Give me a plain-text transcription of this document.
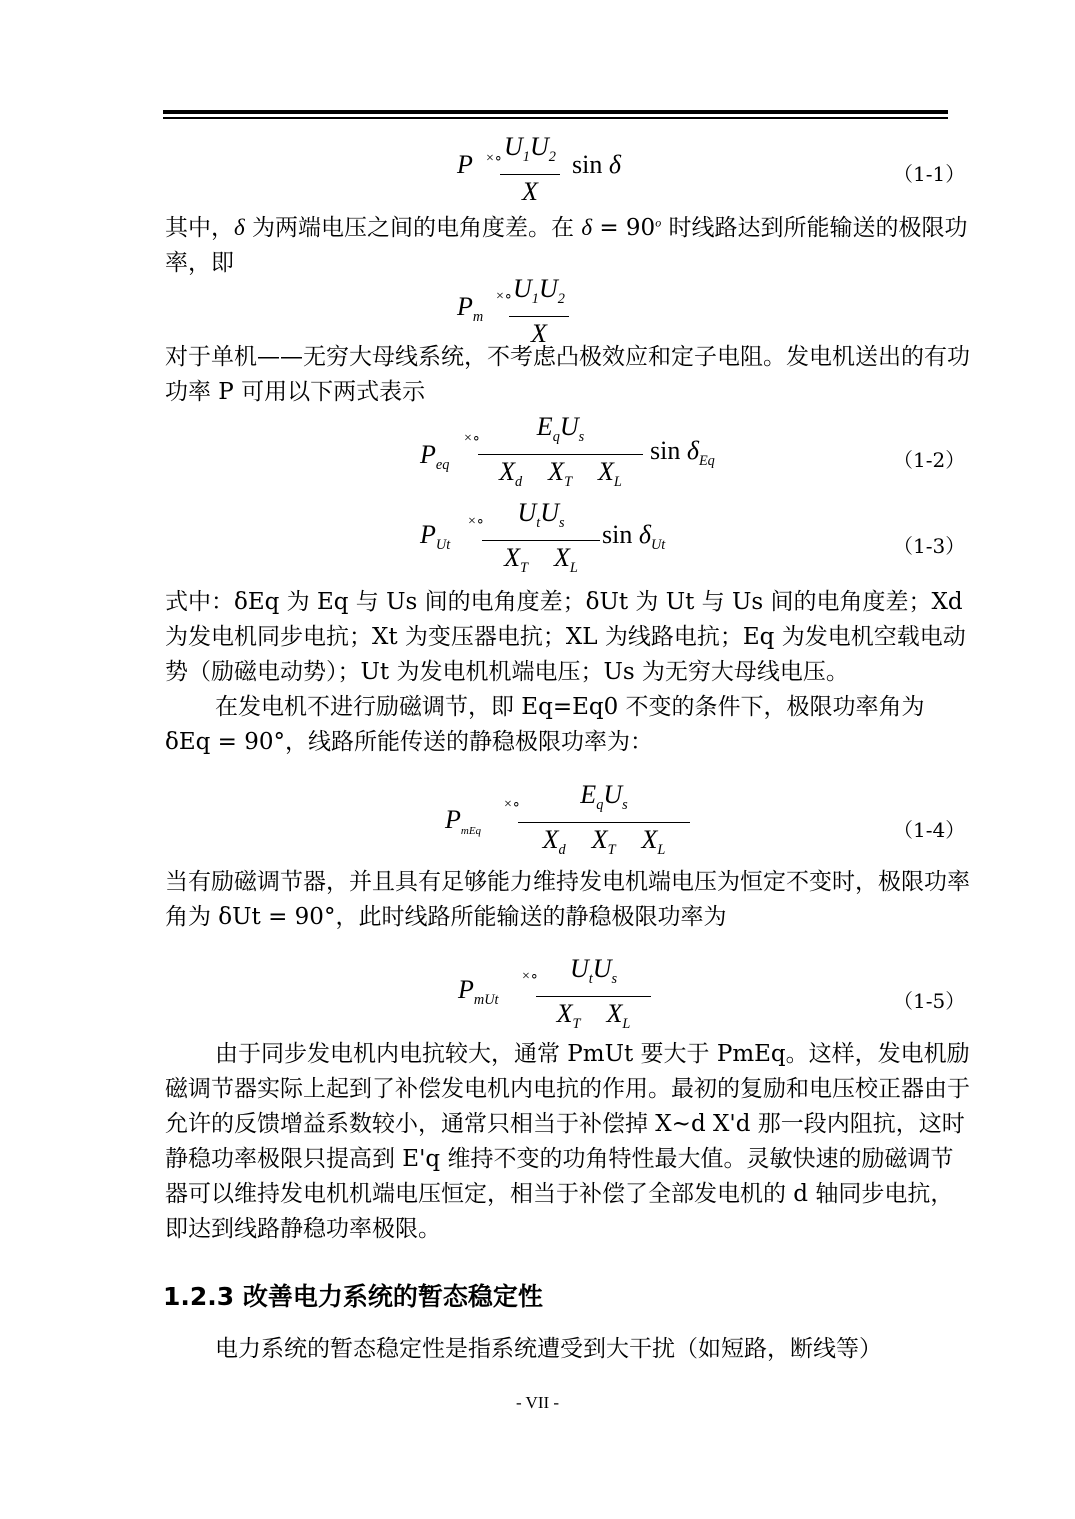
P ×∘ $U_1U_2$
X
sin δ	（1-1）

其中，δ 为两端电压之间的电角度差。在 $\delta = 90^o$ 时线路达到所能输送的极限功率，即

$P_m$
×∘ $U_1U_2$
X

对于单机——无穷大母线系统，不考虑凸极效应和定子电阻。发电机送出的有功功率 P 可用以下两式表示

$P_{eq}$
×∘ $E_qU_s$
$X_d$    $X_T$    $X_L$
$\sin \delta_{Eq}$	（1-2）
$P_{Ut}$
×∘ $U_tU_s$
$X_T$    $X_L$
$\sin \delta_{Ut}$	（1-3）

式中：δEq 为 Eq 与 Us 间的电角度差；δUt 为 Ut 与 Us 间的电角度差；Xd 为发电机同步电抗；Xt 为变压器电抗；XL 为线路电抗；Eq 为发电机空载电动势（励磁电动势）；Ut 为发电机机端电压；Us 为无穷大母线电压。

在发电机不进行励磁调节，即 Eq=Eq0 不变的条件下，极限功率角为 δEq = 90°，线路所能传送的静稳极限功率为：

$P_{mEq}$
×∘ $E_qU_s$
$X_d$    $X_T$    $X_L$
（1-4）

当有励磁调节器，并且具有足够能力维持发电机端电压为恒定不变时，极限功率角为 δUt = 90°，此时线路所能输送的静稳极限功率为

$P_{mUt}$
×∘ $U_tU_s$
$X_T$    $X_L$
（1-5）

由于同步发电机内电抗较大，通常 PmUt 要大于 PmEq。这样，发电机励磁调节器实际上起到了补偿发电机内电抗的作用。最初的复励和电压校正器由于允许的反馈增益系数较小，通常只相当于补偿掉 X~d X'd 那一段内阻抗，这时静稳功率极限只提高到 E'q 维持不变的功角特性最大值。灵敏快速的励磁调节器可以维持发电机机端电压恒定，相当于补偿了全部发电机的 d 轴同步电抗，即达到线路静稳功率极限。

1.2.3 改善电力系统的暂态稳定性

电力系统的暂态稳定性是指系统遭受到大干扰（如短路，断线等）

- VII -
